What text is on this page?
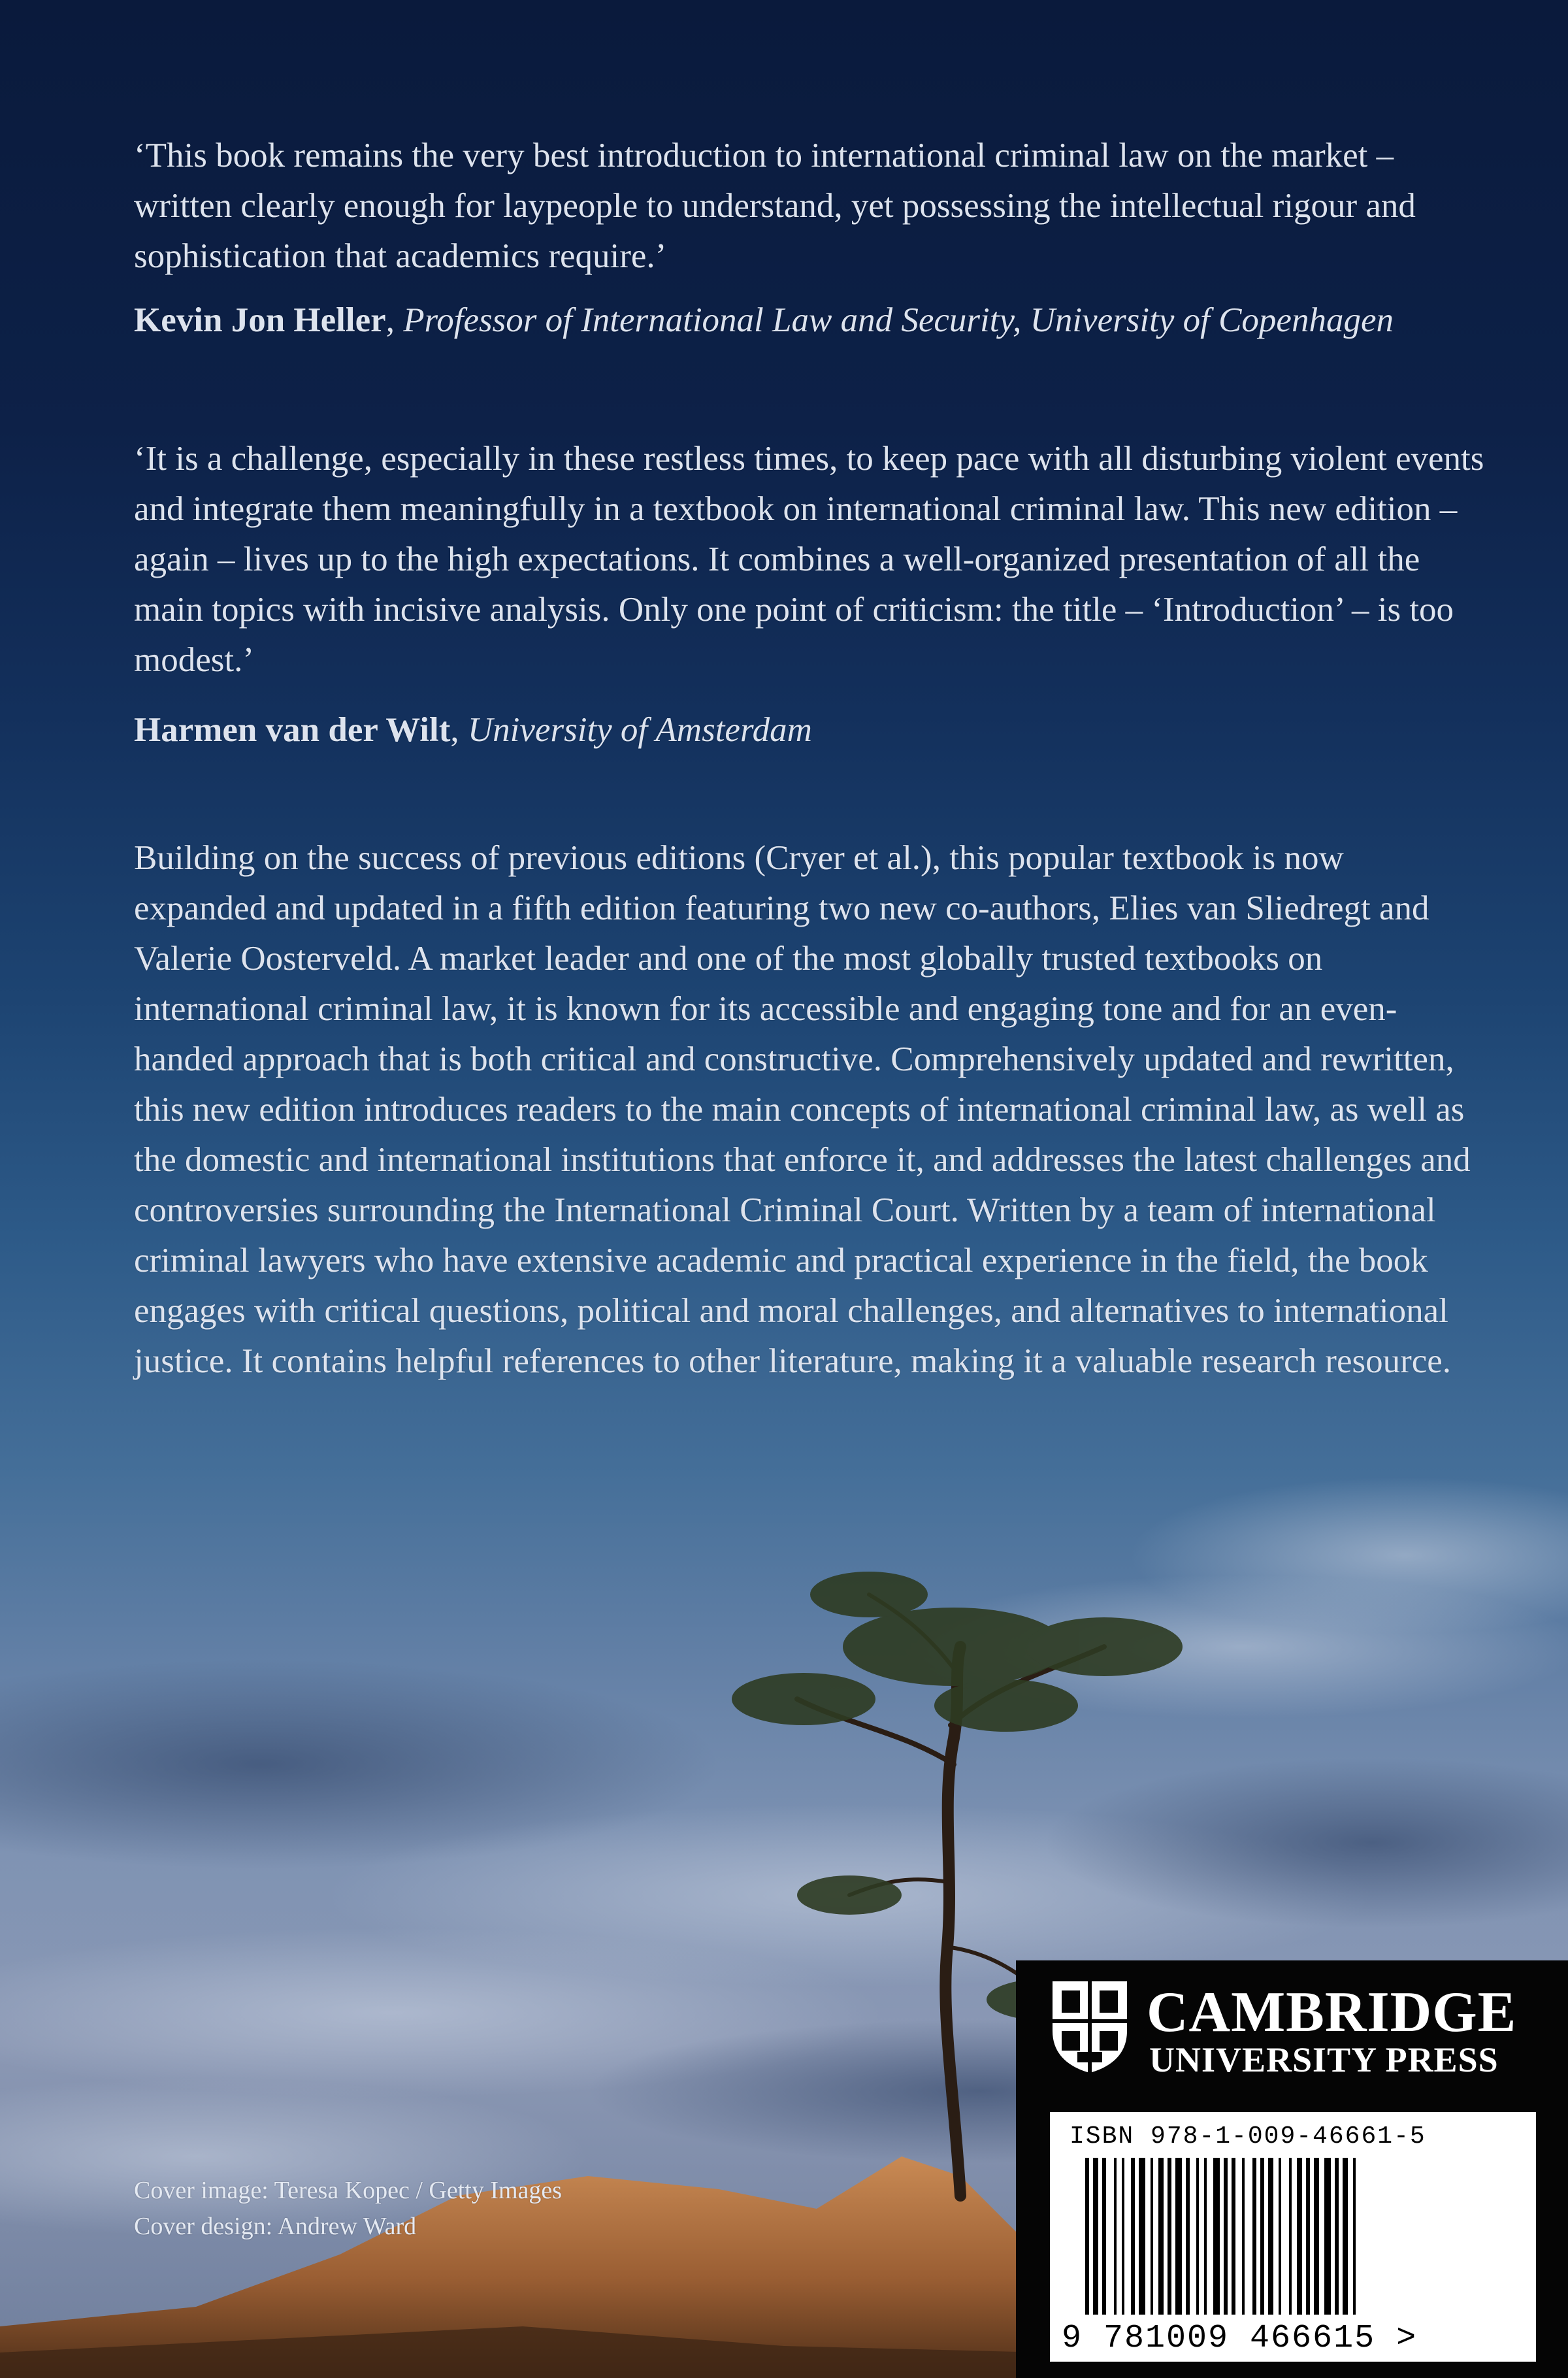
‘This book remains the very best introduction to international criminal law on the market – written clearly enough for laypeople to understand, yet possessing the intellectual rigour and sophistication that academics require.’

Kevin Jon Heller, Professor of International Law and Security, University of Copenhagen

‘It is a challenge, especially in these restless times, to keep pace with all disturbing violent events and integrate them meaningfully in a textbook on international criminal law. This new edition – again – lives up to the high expectations. It combines a well-organized presentation of all the main topics with incisive analysis. Only one point of criticism: the title – ‘Introduction’ – is too modest.’

Harmen van der Wilt, University of Amsterdam

Building on the success of previous editions (Cryer et al.), this popular textbook is now expanded and updated in a fifth edition featuring two new co-authors, Elies van Sliedregt and Valerie Oosterveld. A market leader and one of the most globally trusted textbooks on international criminal law, it is known for its accessible and engaging tone and for an even-handed approach that is both critical and constructive. Comprehensively updated and rewritten, this new edition introduces readers to the main concepts of international criminal law, as well as the domestic and international institutions that enforce it, and addresses the latest challenges and controversies surrounding the International Criminal Court. Written by a team of international criminal lawyers who have extensive academic and practical experience in the field, the book engages with critical questions, political and moral challenges, and alternatives to international justice. It contains helpful references to other literature, making it a valuable research resource.

Cover image: Teresa Kopec / Getty Images

Cover design: Andrew Ward

CAMBRIDGE
UNIVERSITY PRESS
ISBN 978-1-009-46661-5
9 781009 466615 >
